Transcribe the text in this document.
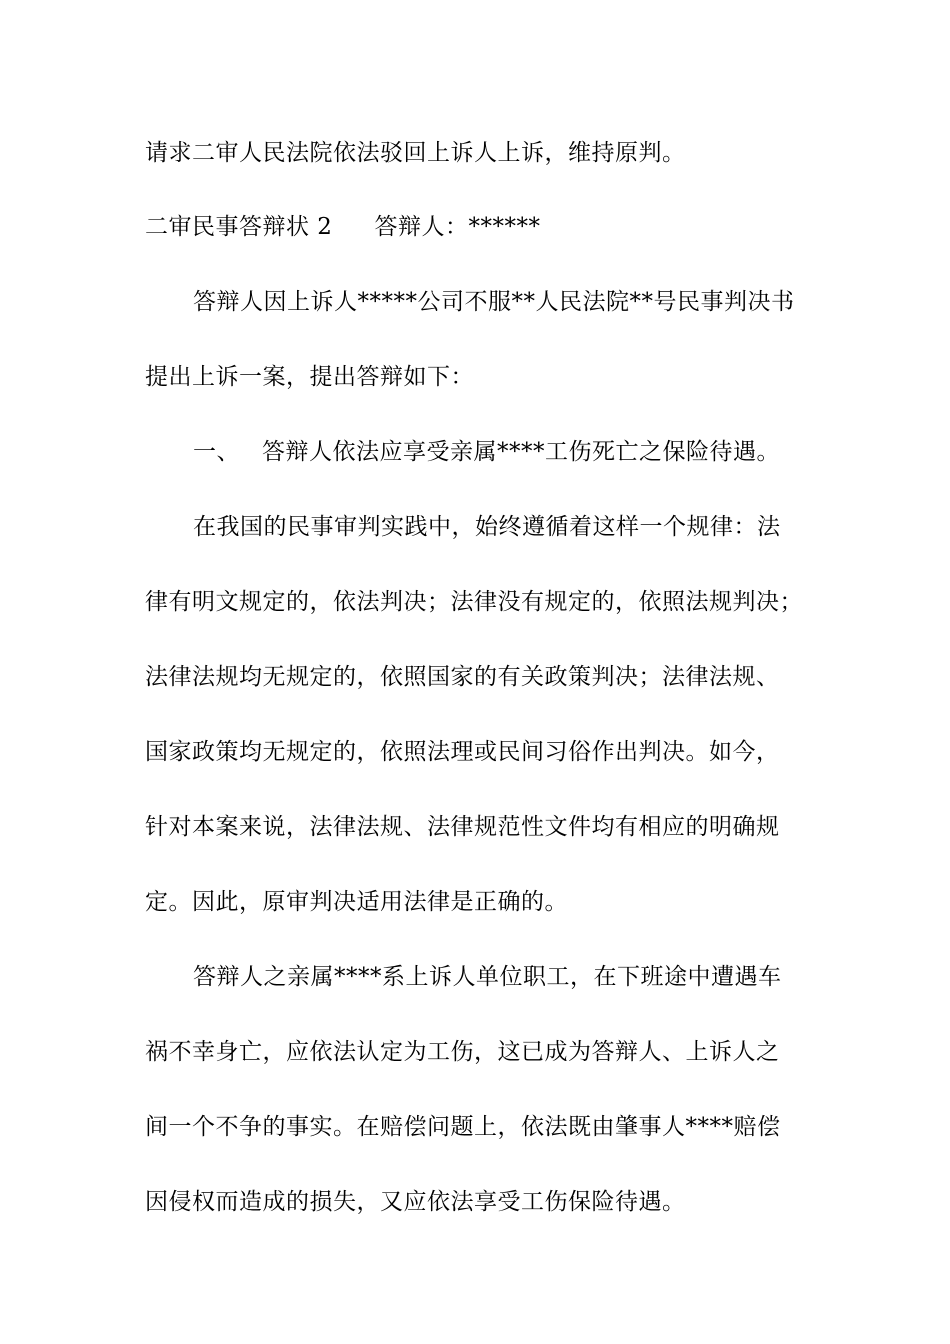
请求二审人民法院依法驳回上诉人上诉，维持原判。
二审民事答辩状 2 答辩人：******
答辩人因上诉人*****公司不服**人民法院**号民事判决书
提出上诉一案，提出答辩如下：
一、 答辩人依法应享受亲属****工伤死亡之保险待遇。
在我国的民事审判实践中，始终遵循着这样一个规律：法
律有明文规定的，依法判决；法律没有规定的，依照法规判决；
法律法规均无规定的，依照国家的有关政策判决；法律法规、
国家政策均无规定的，依照法理或民间习俗作出判决。如今，
针对本案来说，法律法规、法律规范性文件均有相应的明确规
定。因此，原审判决适用法律是正确的。
答辩人之亲属****系上诉人单位职工，在下班途中遭遇车
祸不幸身亡，应依法认定为工伤，这已成为答辩人、上诉人之
间一个不争的事实。在赔偿问题上，依法既由肇事人****赔偿
因侵权而造成的损失，又应依法享受工伤保险待遇。
